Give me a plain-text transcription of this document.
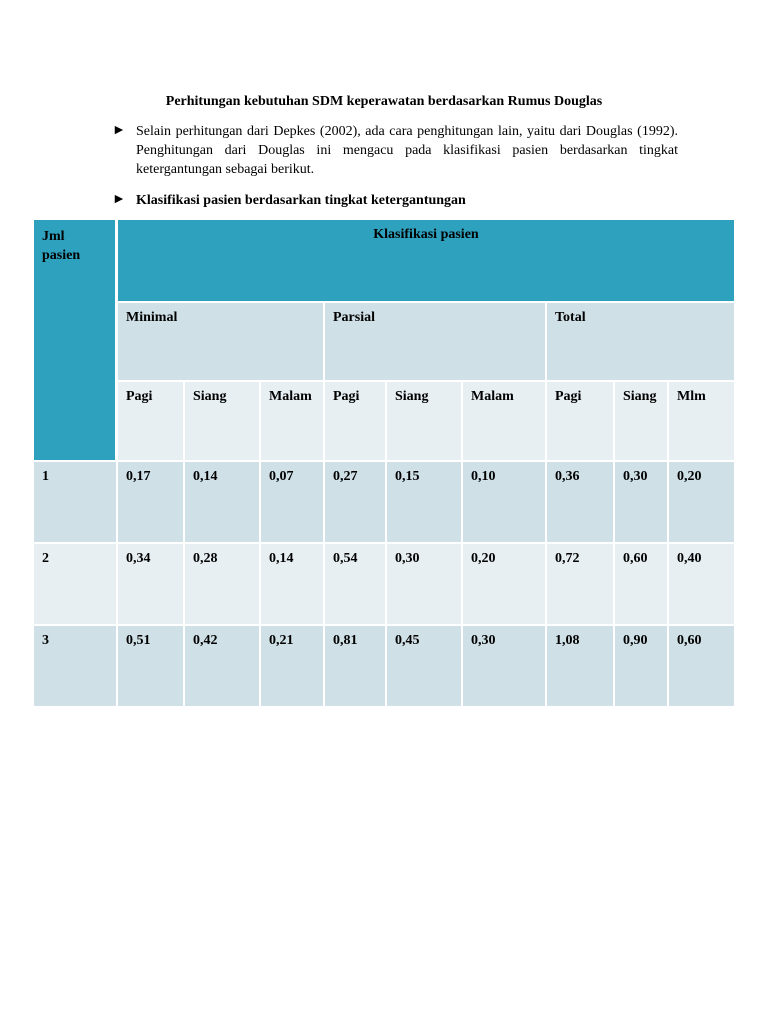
Perhitungan kebutuhan SDM keperawatan berdasarkan Rumus Douglas
► Selain perhitungan dari Depkes (2002), ada cara penghitungan lain, yaitu dari Douglas (1992). Penghitungan dari Douglas ini mengacu pada klasifikasi pasien berdasarkan tingkat ketergantungan sebagai berikut.
► Klasifikasi pasien berdasarkan tingkat ketergantungan
Jml pasien	Klasifikasi pasien								
	Minimal			Parsial			Total		
	Pagi	Siang	Malam	Pagi	Siang	Malam	Pagi	Siang	Mlm
1	0,17	0,14	0,07	0,27	0,15	0,10	0,36	0,30	0,20
2	0,34	0,28	0,14	0,54	0,30	0,20	0,72	0,60	0,40
3	0,51	0,42	0,21	0,81	0,45	0,30	1,08	0,90	0,60
